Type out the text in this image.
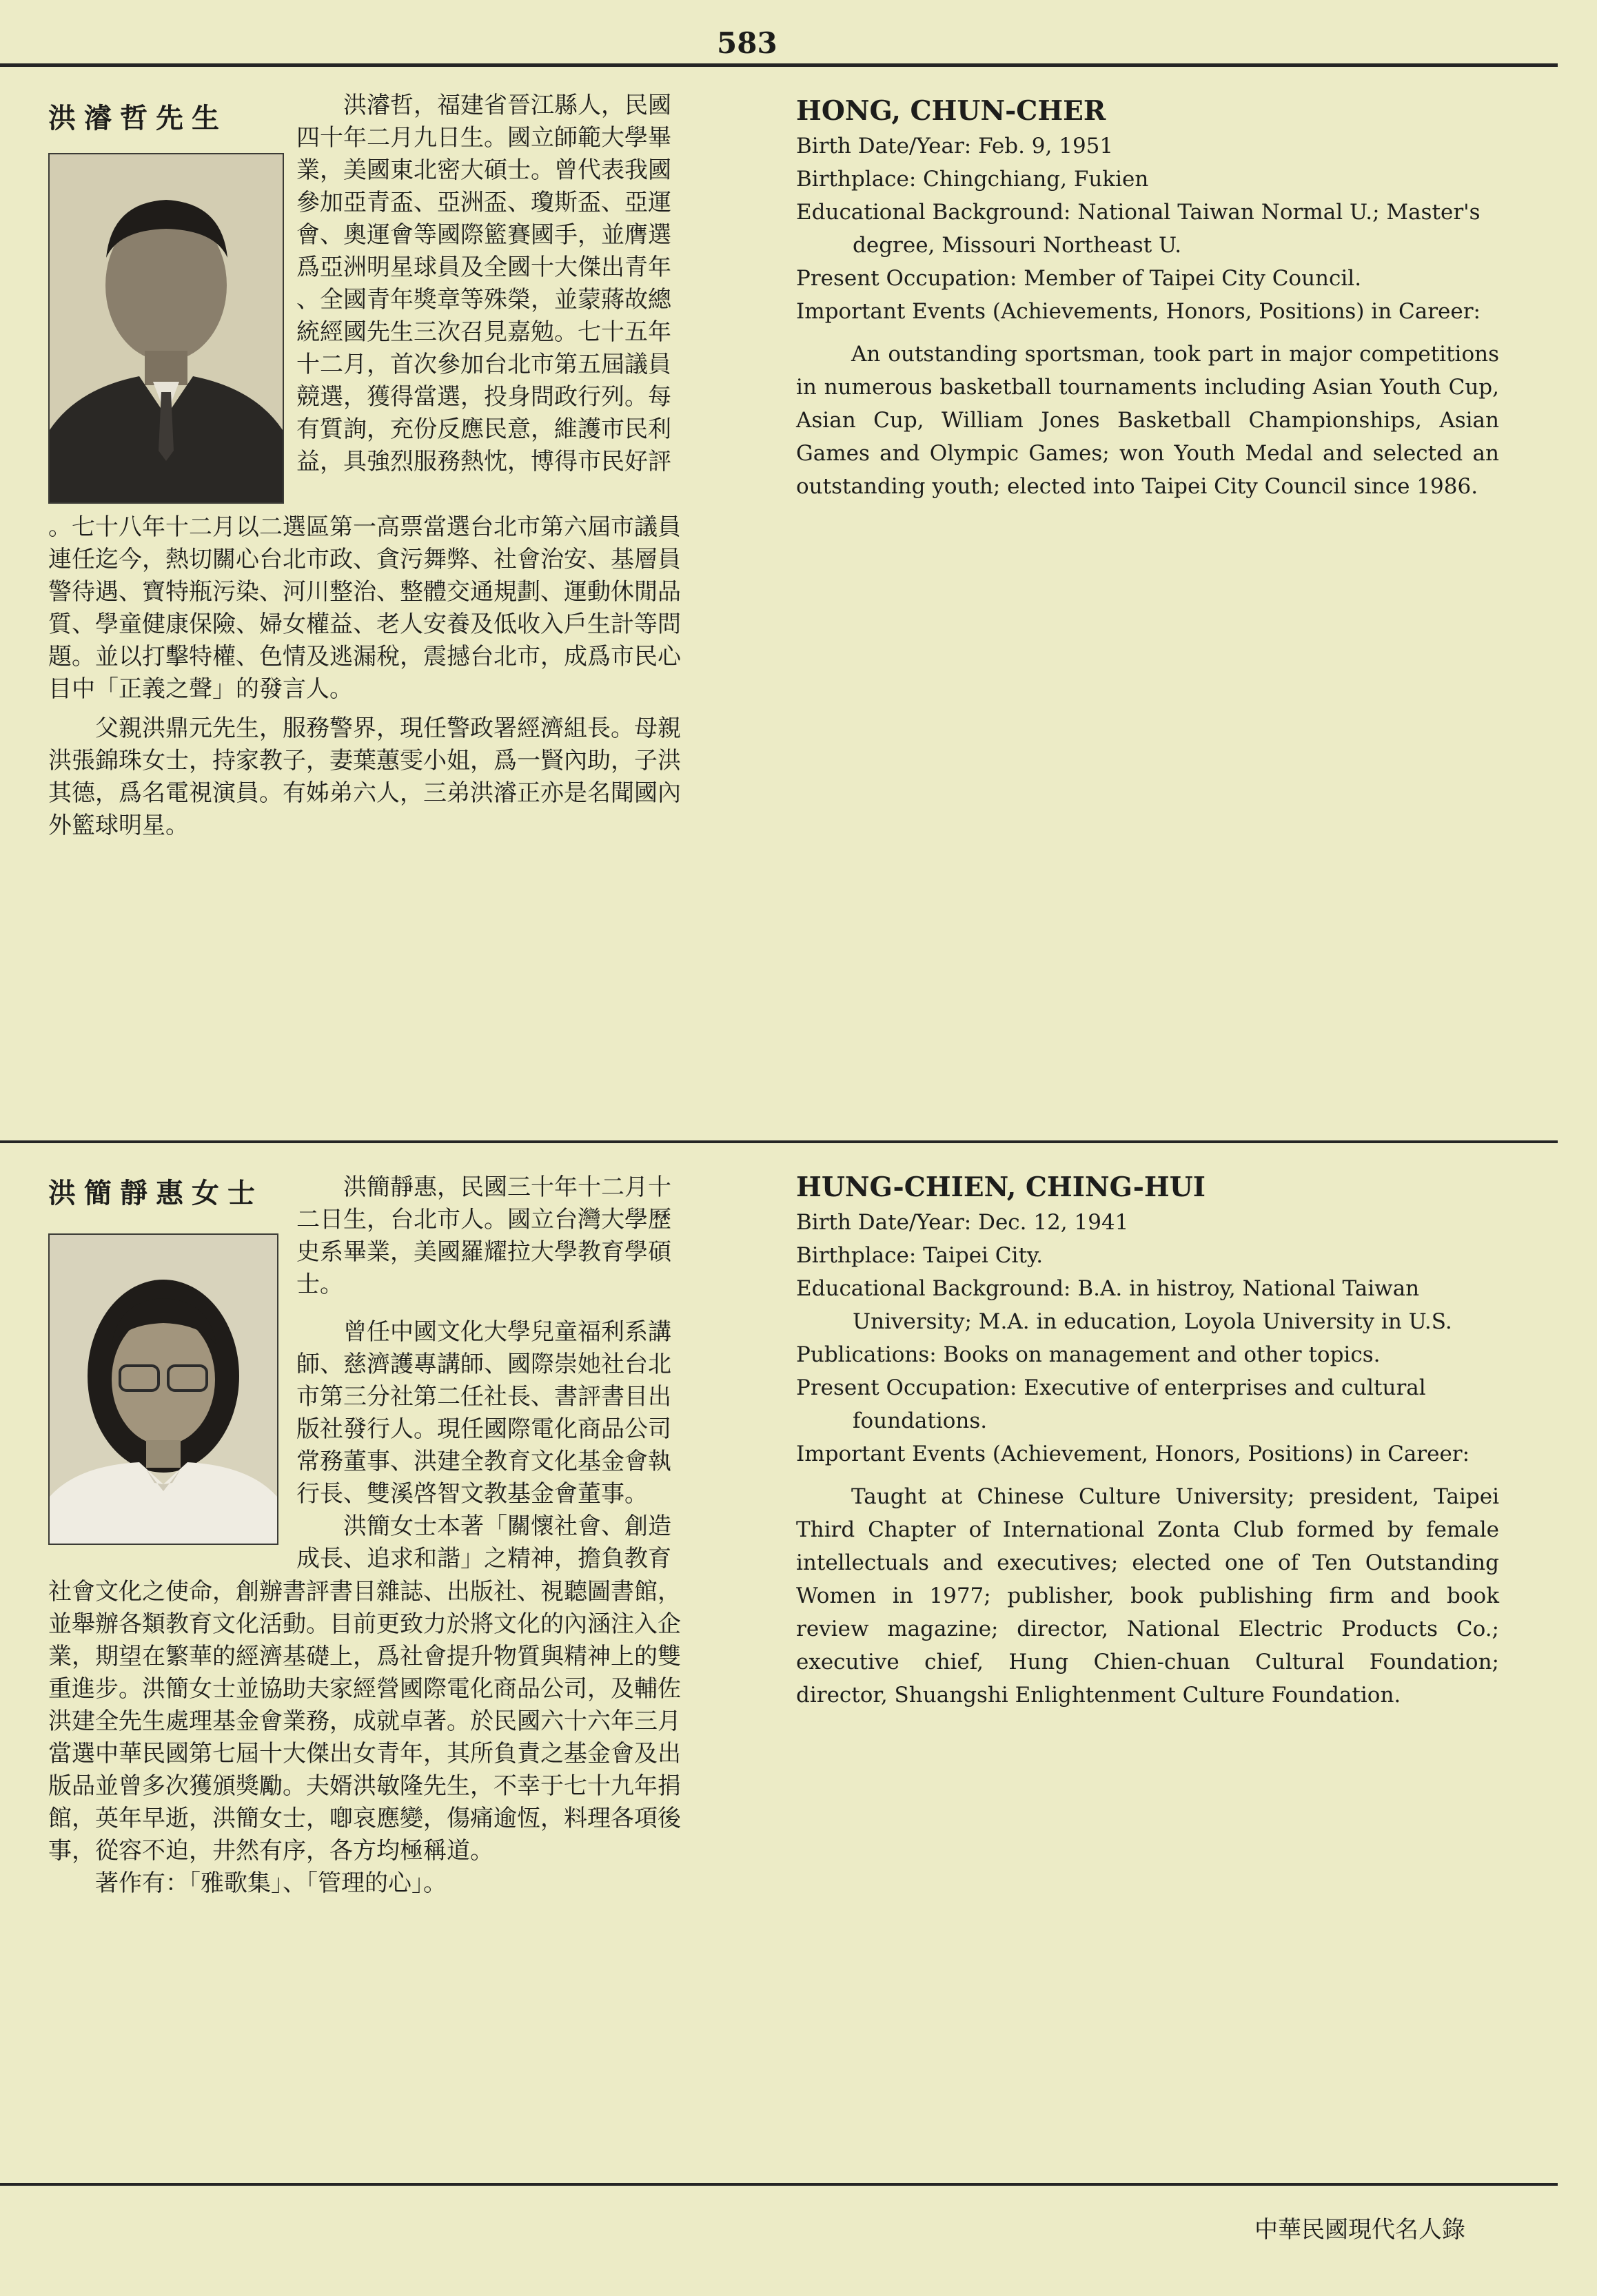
583
洪濬哲先生	洪濬哲，福建省晉江縣人，民國

四十年二月九日生。國立師範大學畢

業，美國東北密大碩士。曾代表我國

參加亞青盃、亞洲盃、瓊斯盃、亞運

會、奧運會等國際籃賽國手，並膺選

爲亞洲明星球員及全國十大傑出青年

、全國青年獎章等殊榮，並蒙蔣故總

統經國先生三次召見嘉勉。七十五年

十二月，首次參加台北市第五屆議員

競選，獲得當選，投身問政行列。每

有質詢，充份反應民意，維護市民利

益，具強烈服務熱忱，博得市民好評

。七十八年十二月以二選區第一高票當選台北市第六屆市議員

連任迄今，熱切關心台北市政、貪污舞弊、社會治安、基層員

警待遇、寶特瓶污染、河川整治、整體交通規劃、運動休閒品

質、學童健康保險、婦女權益、老人安養及低收入戶生計等問

題。並以打擊特權、色情及逃漏稅，震撼台北市，成爲市民心

目中「正義之聲」的發言人。

父親洪鼎元先生，服務警界，現任警政署經濟組長。母親

洪張錦珠女士，持家教子，妻葉蕙雯小姐，爲一賢內助，子洪

其德，爲名電視演員。有姊弟六人，三弟洪濬正亦是名聞國內

外籃球明星。

HONG, CHUN-CHER

Birth Date/Year: Feb. 9, 1951

Birthplace: Chingchiang, Fukien

Educational Background: National Taiwan Normal U.; Master's degree, Missouri Northeast U.

Present Occupation: Member of Taipei City Council.

Important Events (Achievements, Honors, Positions) in Career:

An outstanding sportsman, took part in major competitions in numerous basketball tournaments including Asian Youth Cup, Asian Cup, William Jones Basketball Championships, Asian Games and Olympic Games; won Youth Medal and selected an outstanding youth; elected into Taipei City Council since 1986.

洪簡靜惠女士	洪簡靜惠，民國三十年十二月十

二日生，台北市人。國立台灣大學歷

史系畢業，美國羅耀拉大學教育學碩

士。

曾任中國文化大學兒童福利系講

師、慈濟護專講師、國際崇她社台北

市第三分社第二任社長、書評書目出

版社發行人。現任國際電化商品公司

常務董事、洪建全教育文化基金會執

行長、雙溪啓智文教基金會董事。

洪簡女士本著「關懷社會、創造

成長、追求和諧」之精神，擔負教育

社會文化之使命，創辦書評書目雜誌、出版社、視聽圖書館，

並舉辦各類教育文化活動。目前更致力於將文化的內涵注入企

業，期望在繁華的經濟基礎上，爲社會提升物質與精神上的雙

重進步。洪簡女士並協助夫家經營國際電化商品公司，及輔佐

洪建全先生處理基金會業務，成就卓著。於民國六十六年三月

當選中華民國第七屆十大傑出女青年，其所負責之基金會及出

版品並曾多次獲頒獎勵。夫婿洪敏隆先生，不幸于七十九年捐

館，英年早逝，洪簡女士，喞哀應變，傷痛逾恆，料理各項後

事，從容不迫，井然有序，各方均極稱道。

著作有：「雅歌集」、「管理的心」。

HUNG-CHIEN, CHING-HUI

Birth Date/Year: Dec. 12, 1941

Birthplace: Taipei City.

Educational Background: B.A. in histroy, National Taiwan University; M.A. in education, Loyola University in U.S.

Publications: Books on management and other topics.

Present Occupation: Executive of enterprises and cultural foundations.

Important Events (Achievement, Honors, Positions) in Career:

Taught at Chinese Culture University; president, Taipei Third Chapter of International Zonta Club formed by female intellectuals and executives; elected one of Ten Outstanding Women in 1977; publisher, book publishing firm and book review magazine; director, National Electric Products Co.; executive chief, Hung Chien-chuan Cultural Foundation; director, Shuangshi Enlightenment Culture Foundation.

中華民國現代名人錄
